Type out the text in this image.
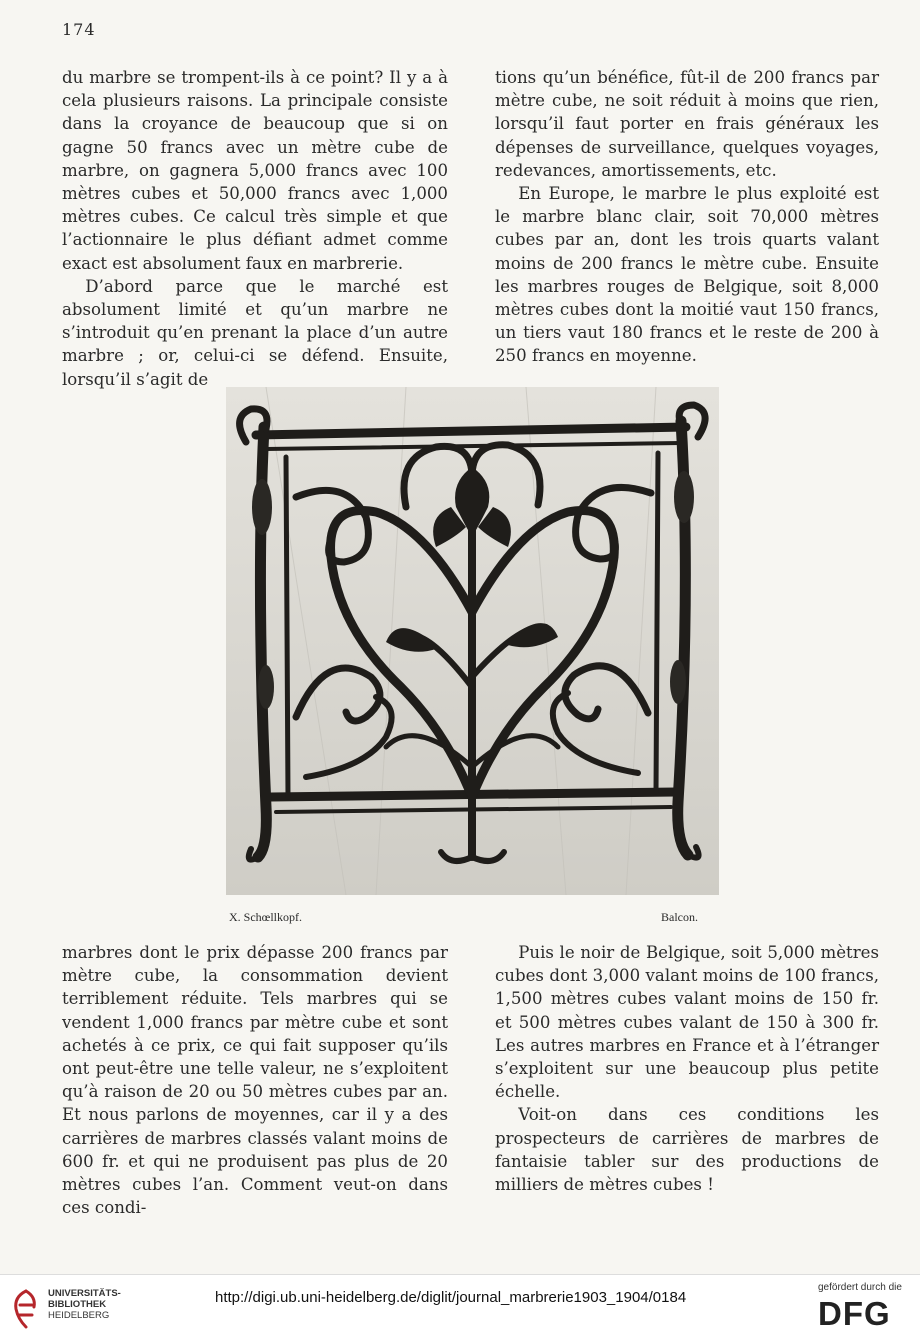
174

du marbre se trompent-ils à ce point? Il y a à cela plusieurs raisons. La principale consiste dans la croyance de beaucoup que si on gagne 50 francs avec un mètre cube de marbre, on gagnera 5,000 francs avec 100 mètres cubes et 50,000 francs avec 1,000 mètres cubes. Ce calcul très simple et que l’actionnaire le plus défiant admet comme exact est absolument faux en marbrerie.

D’abord parce que le marché est absolument limité et qu’un marbre ne s’introduit qu’en prenant la place d’un autre marbre ; or, celui-ci se défend. Ensuite, lorsqu’il s’agit de

tions qu’un bénéfice, fût-il de 200 francs par mètre cube, ne soit réduit à moins que rien, lorsqu’il faut porter en frais généraux les dépenses de surveillance, quelques voyages, redevances, amortissements, etc.

En Europe, le marbre le plus exploité est le marbre blanc clair, soit 70,000 mètres cubes par an, dont les trois quarts valant moins de 200 francs le mètre cube. Ensuite les marbres rouges de Belgique, soit 8,000 mètres cubes dont la moitié vaut 150 francs, un tiers vaut 180 francs et le reste de 200 à 250 francs en moyenne.

X. Schœllkopf.	Balcon.

marbres dont le prix dépasse 200 francs par mètre cube, la consommation devient terriblement réduite. Tels marbres qui se vendent 1,000 francs par mètre cube et sont achetés à ce prix, ce qui fait supposer qu’ils ont peut-être une telle valeur, ne s’exploitent qu’à raison de 20 ou 50 mètres cubes par an. Et nous parlons de moyennes, car il y a des carrières de marbres classés valant moins de 600 fr. et qui ne produisent pas plus de 20 mètres cubes l’an. Comment veut-on dans ces condi-

Puis le noir de Belgique, soit 5,000 mètres cubes dont 3,000 valant moins de 100 francs, 1,500 mètres cubes valant moins de 150 fr. et 500 mètres cubes valant de 150 à 300 fr. Les autres marbres en France et à l’étranger s’exploitent sur une beaucoup plus petite échelle.

Voit-on dans ces conditions les prospecteurs de carrières de marbres de fantaisie tabler sur des productions de milliers de mètres cubes !

UNIVERSITÄTS-
BIBLIOTHEK
HEIDELBERG
http://digi.ub.uni-heidelberg.de/diglit/journal_marbrerie1903_1904/0184
gefördert durch die
DFG
